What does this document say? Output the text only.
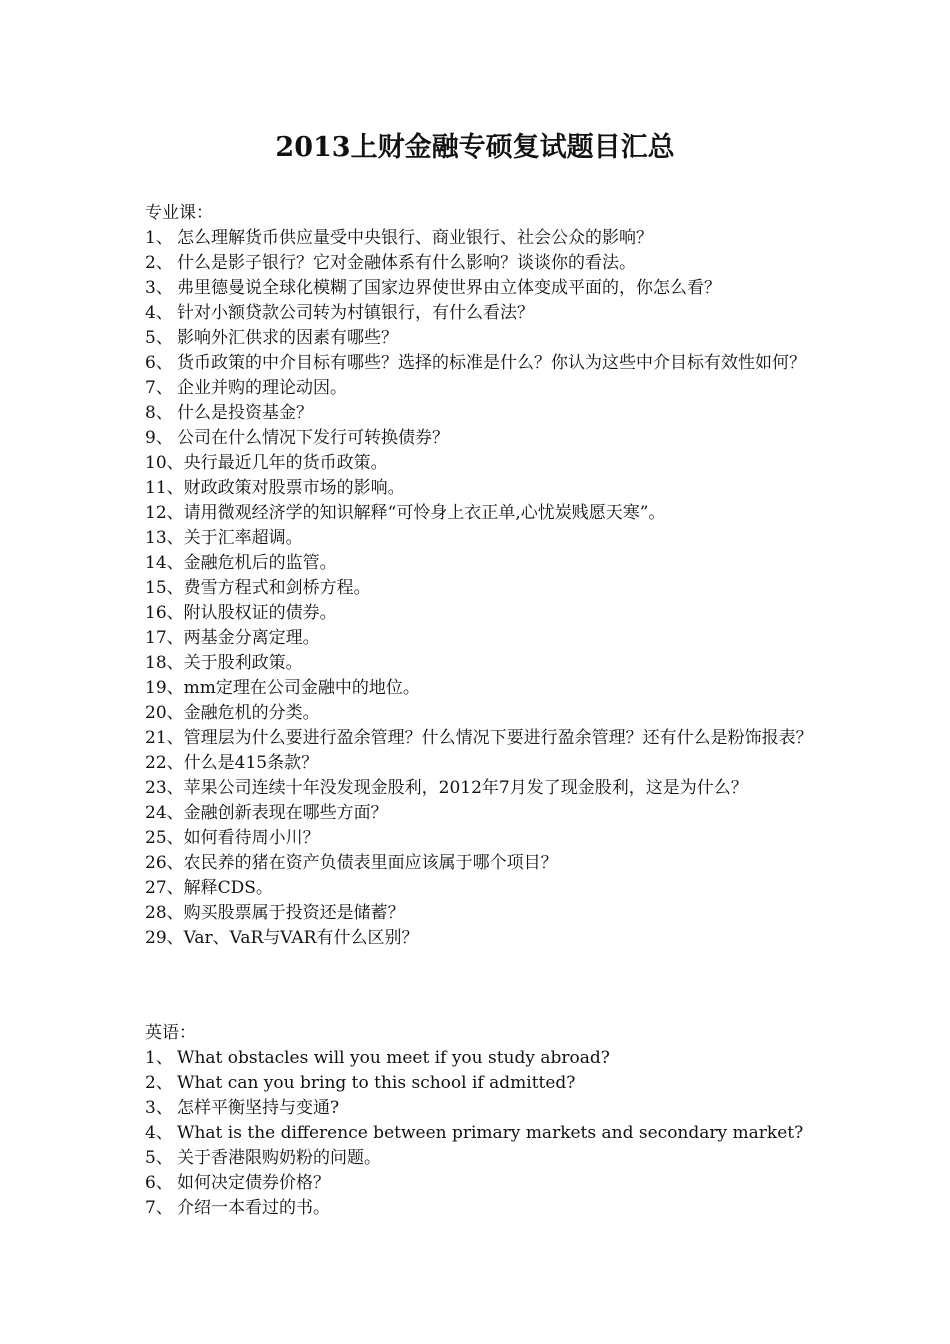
2013上财金融专硕复试题目汇总
专业课：
1、 怎么理解货币供应量受中央银行、商业银行、社会公众的影响？
2、 什么是影子银行？它对金融体系有什么影响？谈谈你的看法。
3、 弗里德曼说全球化模糊了国家边界使世界由立体变成平面的，你怎么看？
4、 针对小额贷款公司转为村镇银行，有什么看法？
5、 影响外汇供求的因素有哪些？
6、 货币政策的中介目标有哪些？选择的标准是什么？你认为这些中介目标有效性如何？
7、 企业并购的理论动因。
8、 什么是投资基金？
9、 公司在什么情况下发行可转换债券？
10、央行最近几年的货币政策。
11、财政政策对股票市场的影响。
12、请用微观经济学的知识解释“可怜身上衣正单,心忧炭贱愿天寒”。
13、关于汇率超调。
14、金融危机后的监管。
15、费雪方程式和剑桥方程。
16、附认股权证的债券。
17、两基金分离定理。
18、关于股利政策。
19、mm定理在公司金融中的地位。
20、金融危机的分类。
21、管理层为什么要进行盈余管理？什么情况下要进行盈余管理？还有什么是粉饰报表？
22、什么是415条款？
23、苹果公司连续十年没发现金股利，2012年7月发了现金股利，这是为什么？
24、金融创新表现在哪些方面？
25、如何看待周小川？
26、农民养的猪在资产负债表里面应该属于哪个项目？
27、解释CDS。
28、购买股票属于投资还是储蓄？
29、Var、VaR与VAR有什么区别？
英语：
1、 What obstacles will you meet if you study abroad?
2、 What can you bring to this school if admitted?
3、 怎样平衡坚持与变通?
4、 What is the difference between primary markets and secondary market?
5、 关于香港限购奶粉的问题。
6、 如何决定债券价格？
7、 介绍一本看过的书。
